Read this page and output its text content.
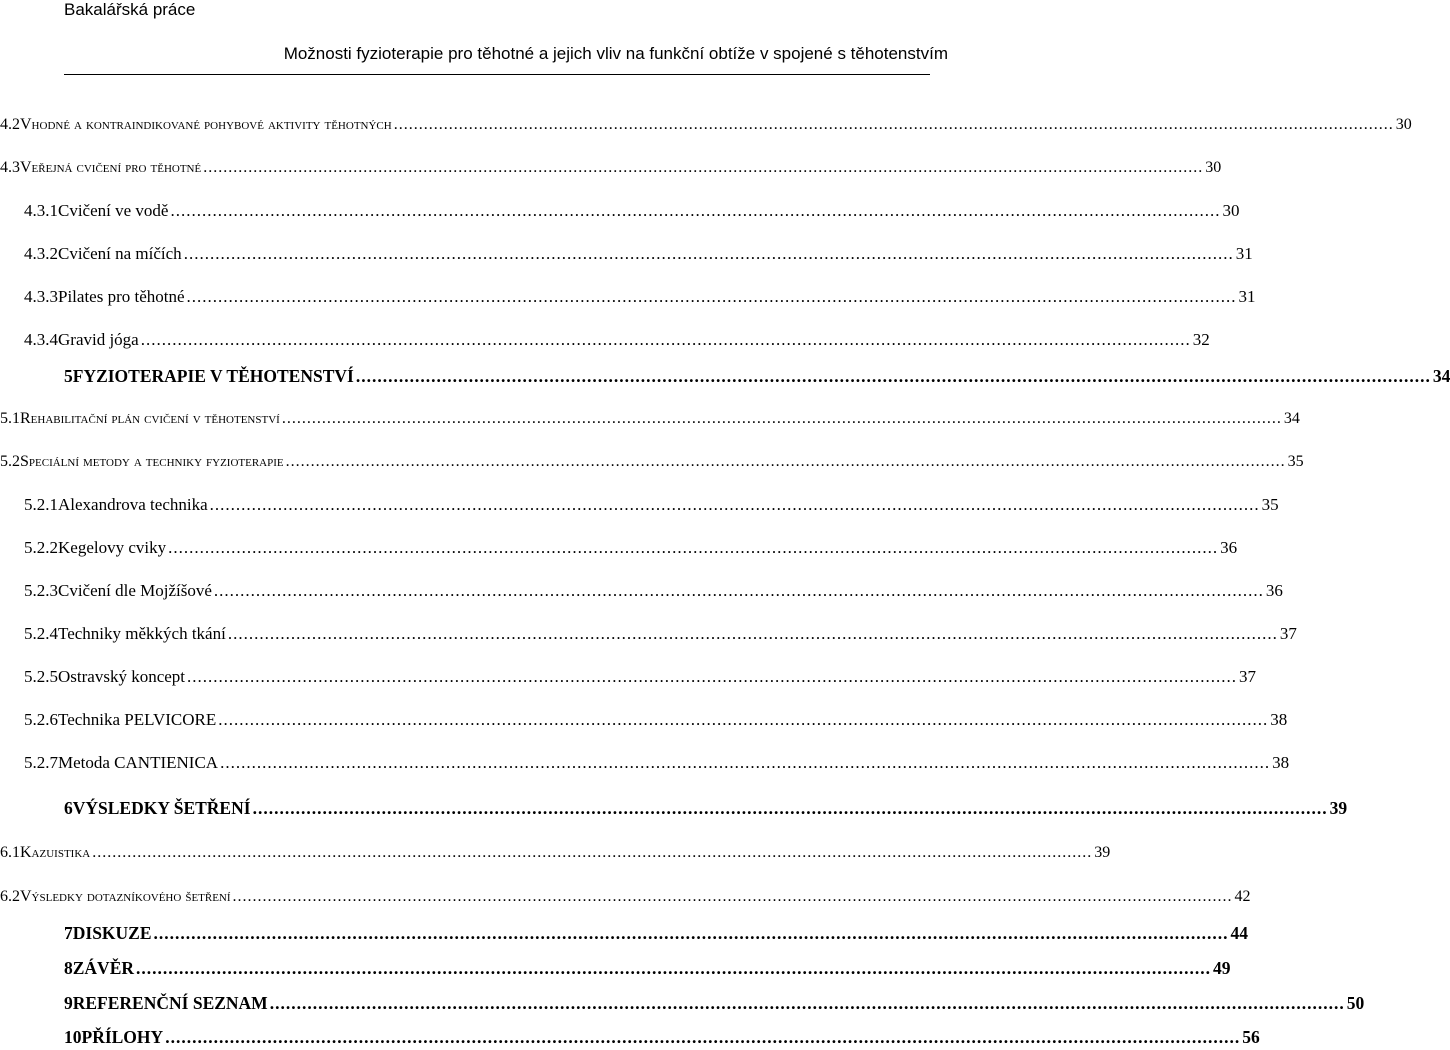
Bakalářská práce
Možnosti fyzioterapie pro těhotné a jejich vliv na funkční obtíže v spojené s těhotenstvím
4.2 Vhodné a kontraindikované pohybové aktivity těhotných ........................................................................................................................................................................................................ 30
4.3 Veřejná cvičení pro těhotné ........................................................................................................................................................................................................ 30
4.3.1 Cvičení ve vodě ........................................................................................................................................................................................................ 30
4.3.2 Cvičení na míčích ........................................................................................................................................................................................................ 31
4.3.3 Pilates pro těhotné ........................................................................................................................................................................................................ 31
4.3.4 Gravid jóga ........................................................................................................................................................................................................ 32
5 FYZIOTERAPIE V TĚHOTENSTVÍ ........................................................................................................................................................................................................ 34
5.1 Rehabilitační plán cvičení v těhotenství ........................................................................................................................................................................................................ 34
5.2 Speciální metody a techniky fyzioterapie ........................................................................................................................................................................................................ 35
5.2.1 Alexandrova technika ........................................................................................................................................................................................................ 35
5.2.2 Kegelovy cviky ........................................................................................................................................................................................................ 36
5.2.3 Cvičení dle Mojžíšové ........................................................................................................................................................................................................ 36
5.2.4 Techniky měkkých tkání ........................................................................................................................................................................................................ 37
5.2.5 Ostravský koncept ........................................................................................................................................................................................................ 37
5.2.6 Technika PELVICORE ........................................................................................................................................................................................................ 38
5.2.7 Metoda CANTIENICA ........................................................................................................................................................................................................ 38
6 VÝSLEDKY ŠETŘENÍ ........................................................................................................................................................................................................ 39
6.1 Kazuistika ........................................................................................................................................................................................................ 39
6.2 Výsledky dotazníkového šetření ........................................................................................................................................................................................................ 42
7 DISKUZE ........................................................................................................................................................................................................ 44
8 ZÁVĚR ........................................................................................................................................................................................................ 49
9 REFERENČNÍ SEZNAM ........................................................................................................................................................................................................ 50
10 PŘÍLOHY ........................................................................................................................................................................................................ 56
